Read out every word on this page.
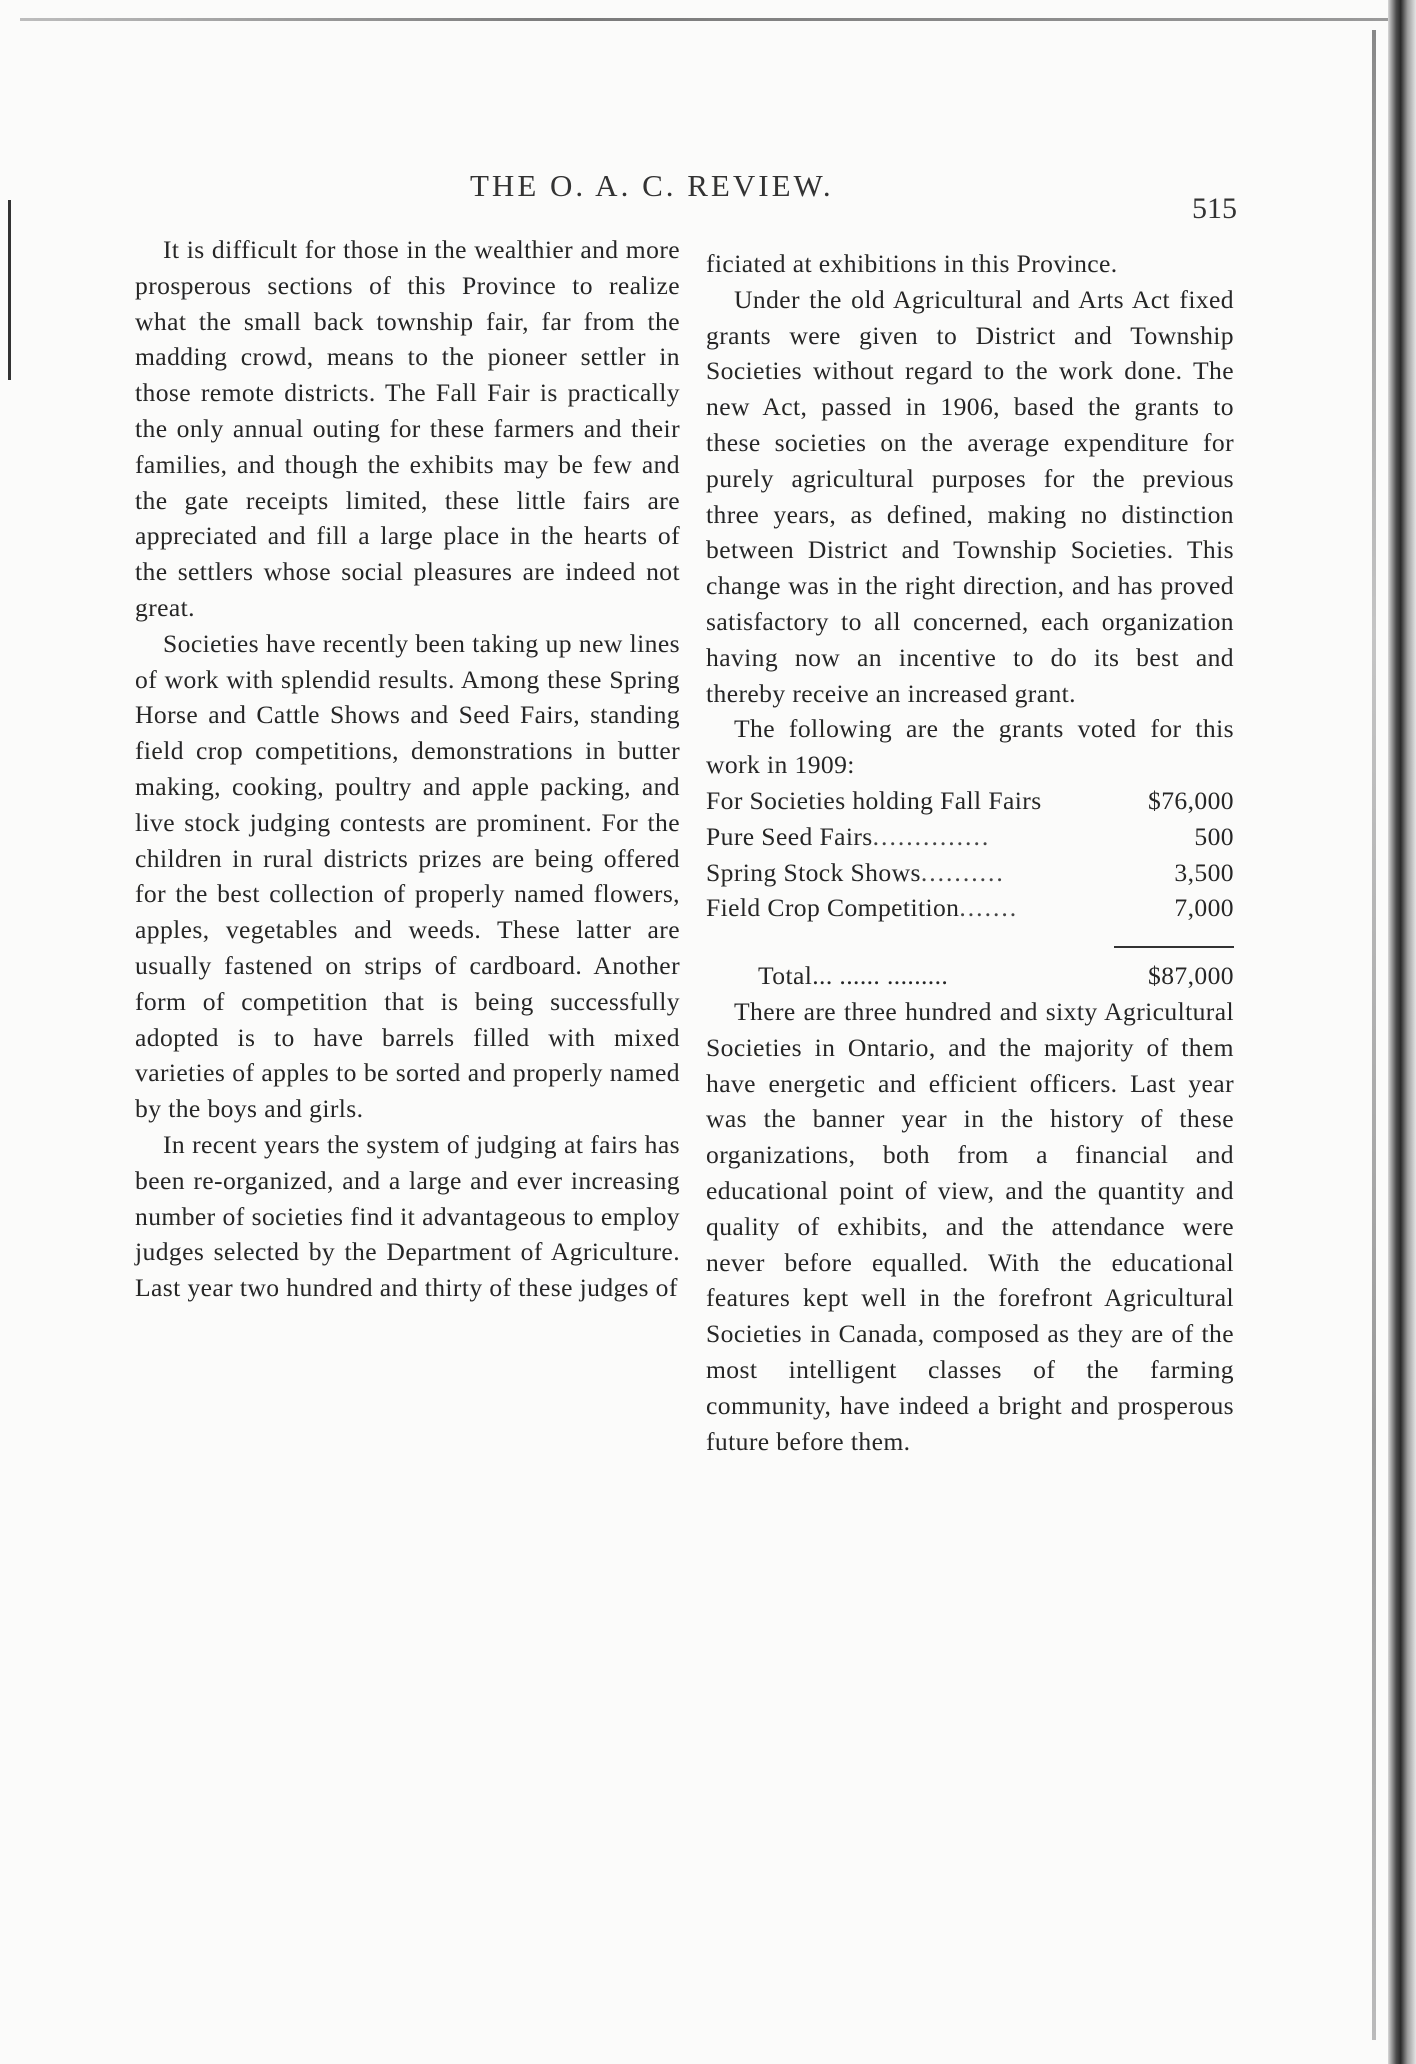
THE O. A. C. REVIEW.
515

It is difficult for those in the wealthier and more prosperous sections of this Province to realize what the small back township fair, far from the madding crowd, means to the pioneer settler in those remote districts. The Fall Fair is practically the only annual outing for these farmers and their families, and though the exhibits may be few and the gate receipts limited, these little fairs are appreciated and fill a large place in the hearts of the settlers whose social pleasures are indeed not great.

Societies have recently been taking up new lines of work with splendid results. Among these Spring Horse and Cattle Shows and Seed Fairs, standing field crop competitions, demonstrations in butter making, cooking, poultry and apple packing, and live stock judging contests are prominent. For the children in rural districts prizes are being offered for the best collection of properly named flowers, apples, vegetables and weeds. These latter are usually fastened on strips of cardboard. Another form of competition that is being successfully adopted is to have barrels filled with mixed varieties of apples to be sorted and properly named by the boys and girls.

In recent years the system of judging at fairs has been re-organized, and a large and ever increasing number of societies find it advantageous to employ judges selected by the Department of Agriculture. Last year two hundred and thirty of these judges of

ficiated at exhibitions in this Province.

Under the old Agricultural and Arts Act fixed grants were given to District and Township Societies without regard to the work done. The new Act, passed in 1906, based the grants to these societies on the average expenditure for purely agricultural purposes for the previous three years, as defined, making no distinction between District and Township Societies. This change was in the right direction, and has proved satisfactory to all concerned, each organization having now an incentive to do its best and thereby receive an increased grant.

The following are the grants voted for this work in 1909:

For Societies holding Fall Fairs	$76,000
Pure Seed Fairs ..............	500
Spring Stock Shows ..........	3,500
Field Crop Competition .......	7,000
Total... ...... .........	$87,000

There are three hundred and sixty Agricultural Societies in Ontario, and the majority of them have energetic and efficient officers. Last year was the banner year in the history of these organizations, both from a financial and educational point of view, and the quantity and quality of exhibits, and the attendance were never before equalled. With the educational features kept well in the forefront Agricultural Societies in Canada, composed as they are of the most intelligent classes of the farming community, have indeed a bright and prosperous future before them.
